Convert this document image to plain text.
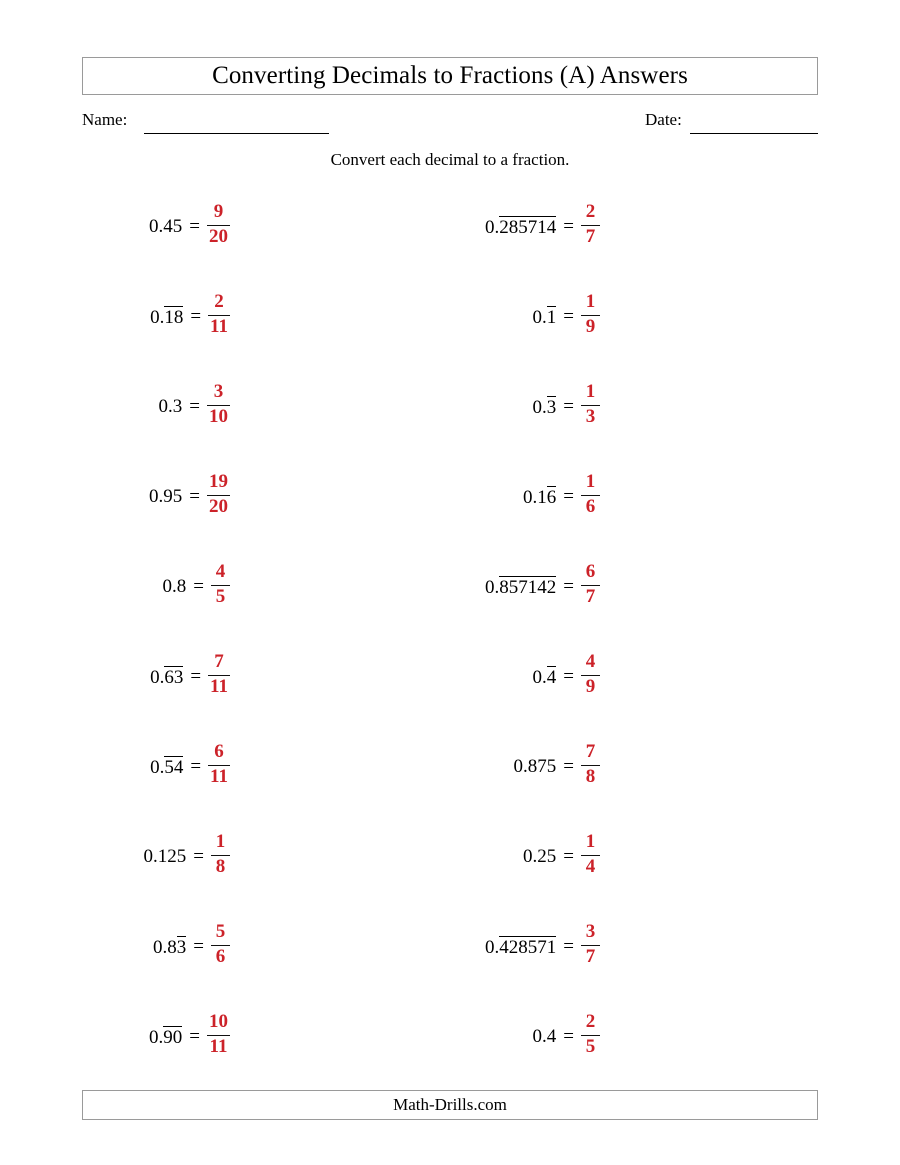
Converting Decimals to Fractions (A) Answers
Name:	Date:
Convert each decimal to a fraction.
$0.45 = \frac{9}{20}$	$0.285714 = \frac{2}{7}$
$0.18 = \frac{2}{11}$	$0.1 = \frac{1}{9}$
$0.3 = \frac{3}{10}$	$0.3 = \frac{1}{3}$
$0.95 = \frac{19}{20}$	$0.16 = \frac{1}{6}$
$0.8 = \frac{4}{5}$	$0.857142 = \frac{6}{7}$
$0.63 = \frac{7}{11}$	$0.4 = \frac{4}{9}$
$0.54 = \frac{6}{11}$	$0.875 = \frac{7}{8}$
$0.125 = \frac{1}{8}$	$0.25 = \frac{1}{4}$
$0.83 = \frac{5}{6}$	$0.428571 = \frac{3}{7}$
$0.90 = \frac{10}{11}$	$0.4 = \frac{2}{5}$
Math-Drills.com
